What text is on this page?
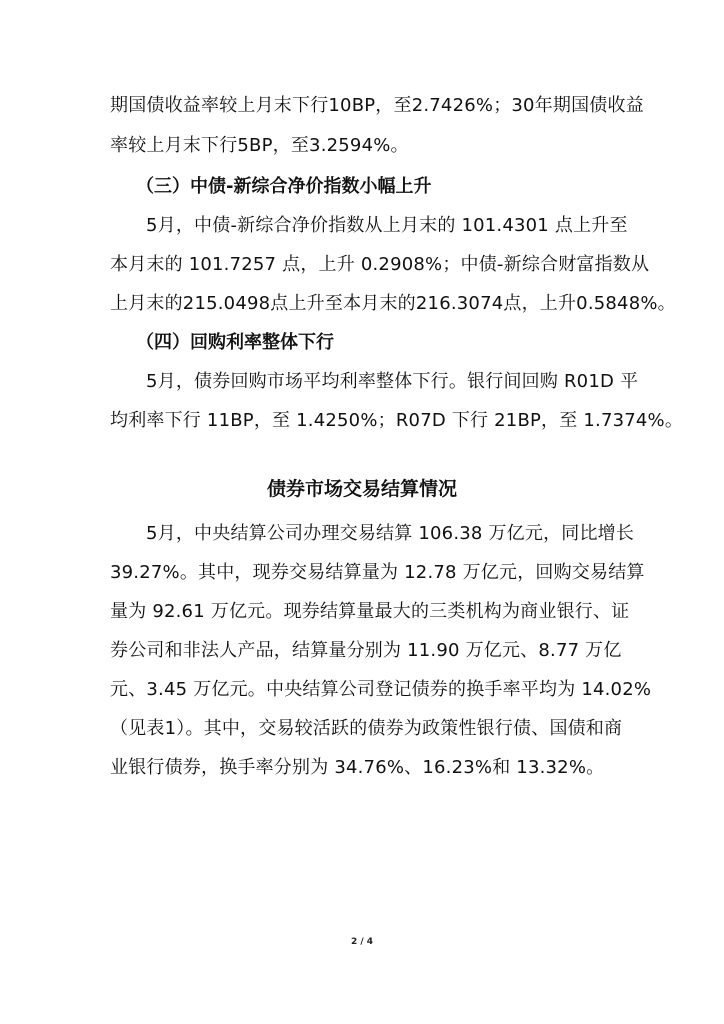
期国债收益率较上月末下行10BP，至2.7426%；30年期国债收益
率较上月末下行5BP，至3.2594%。
（三）中债-新综合净价指数小幅上升
5月，中债-新综合净价指数从上月末的 101.4301 点上升至
本月末的 101.7257 点，上升 0.2908%；中债-新综合财富指数从
上月末的215.0498点上升至本月末的216.3074点，上升0.5848%。
（四）回购利率整体下行
5月，债券回购市场平均利率整体下行。银行间回购 R01D 平
均利率下行 11BP，至 1.4250%；R07D 下行 21BP，至 1.7374%。
债券市场交易结算情况
5月，中央结算公司办理交易结算 106.38 万亿元，同比增长
39.27%。其中，现券交易结算量为 12.78 万亿元，回购交易结算
量为 92.61 万亿元。现券结算量最大的三类机构为商业银行、证
券公司和非法人产品，结算量分别为 11.90 万亿元、8.77 万亿
元、3.45 万亿元。中央结算公司登记债券的换手率平均为 14.02%
（见表1）。其中，交易较活跃的债券为政策性银行债、国债和商
业银行债券，换手率分别为 34.76%、16.23%和 13.32%。
2 / 4
